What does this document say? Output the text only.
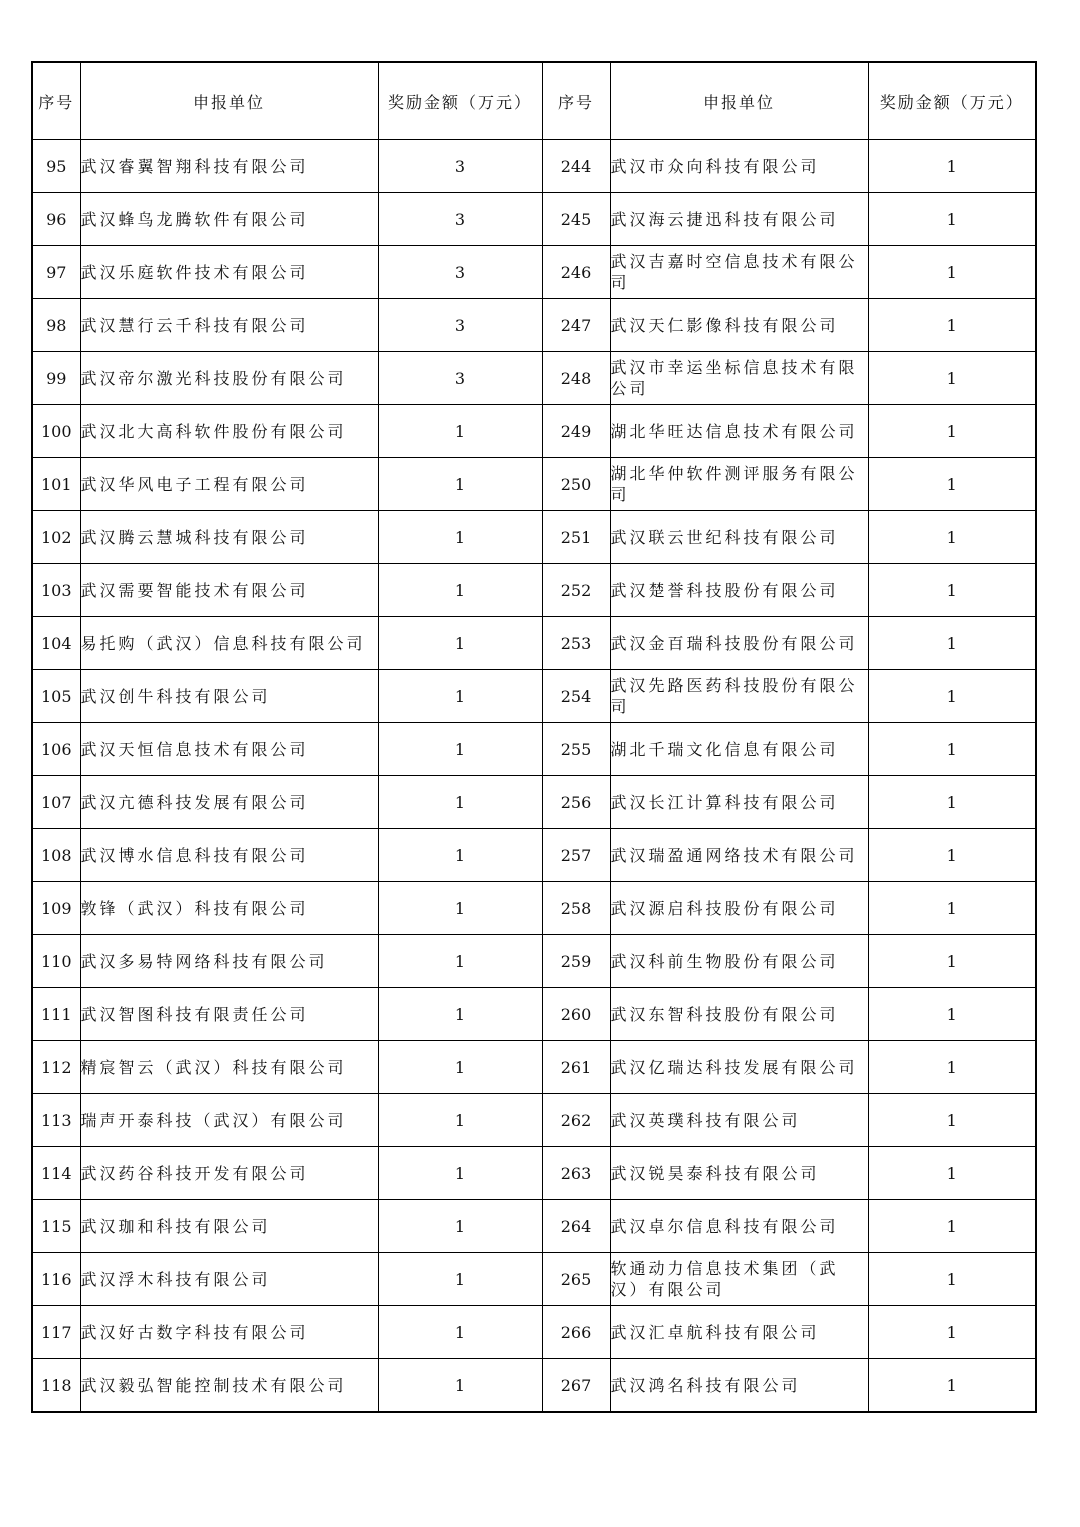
序号	申报单位	奖励金额（万元）	序号	申报单位	奖励金额（万元）
95	武汉睿翼智翔科技有限公司	3	244	武汉市众向科技有限公司	1
96	武汉蜂鸟龙腾软件有限公司	3	245	武汉海云捷迅科技有限公司	1
97	武汉乐庭软件技术有限公司	3	246	武汉吉嘉时空信息技术有限公司	1
98	武汉慧行云千科技有限公司	3	247	武汉天仁影像科技有限公司	1
99	武汉帝尔激光科技股份有限公司	3	248	武汉市幸运坐标信息技术有限公司	1
100	武汉北大高科软件股份有限公司	1	249	湖北华旺达信息技术有限公司	1
101	武汉华风电子工程有限公司	1	250	湖北华仲软件测评服务有限公司	1
102	武汉腾云慧城科技有限公司	1	251	武汉联云世纪科技有限公司	1
103	武汉需要智能技术有限公司	1	252	武汉楚誉科技股份有限公司	1
104	易托购（武汉）信息科技有限公司	1	253	武汉金百瑞科技股份有限公司	1
105	武汉创牛科技有限公司	1	254	武汉先路医药科技股份有限公司	1
106	武汉天恒信息技术有限公司	1	255	湖北千瑞文化信息有限公司	1
107	武汉亢德科技发展有限公司	1	256	武汉长江计算科技有限公司	1
108	武汉博水信息科技有限公司	1	257	武汉瑞盈通网络技术有限公司	1
109	敦锋（武汉）科技有限公司	1	258	武汉源启科技股份有限公司	1
110	武汉多易特网络科技有限公司	1	259	武汉科前生物股份有限公司	1
111	武汉智图科技有限责任公司	1	260	武汉东智科技股份有限公司	1
112	精宸智云（武汉）科技有限公司	1	261	武汉亿瑞达科技发展有限公司	1
113	瑞声开泰科技（武汉）有限公司	1	262	武汉英璞科技有限公司	1
114	武汉药谷科技开发有限公司	1	263	武汉锐昊泰科技有限公司	1
115	武汉珈和科技有限公司	1	264	武汉卓尔信息科技有限公司	1
116	武汉浮木科技有限公司	1	265	软通动力信息技术集团（武汉）有限公司	1
117	武汉好古数字科技有限公司	1	266	武汉汇卓航科技有限公司	1
118	武汉毅弘智能控制技术有限公司	1	267	武汉鸿名科技有限公司	1
